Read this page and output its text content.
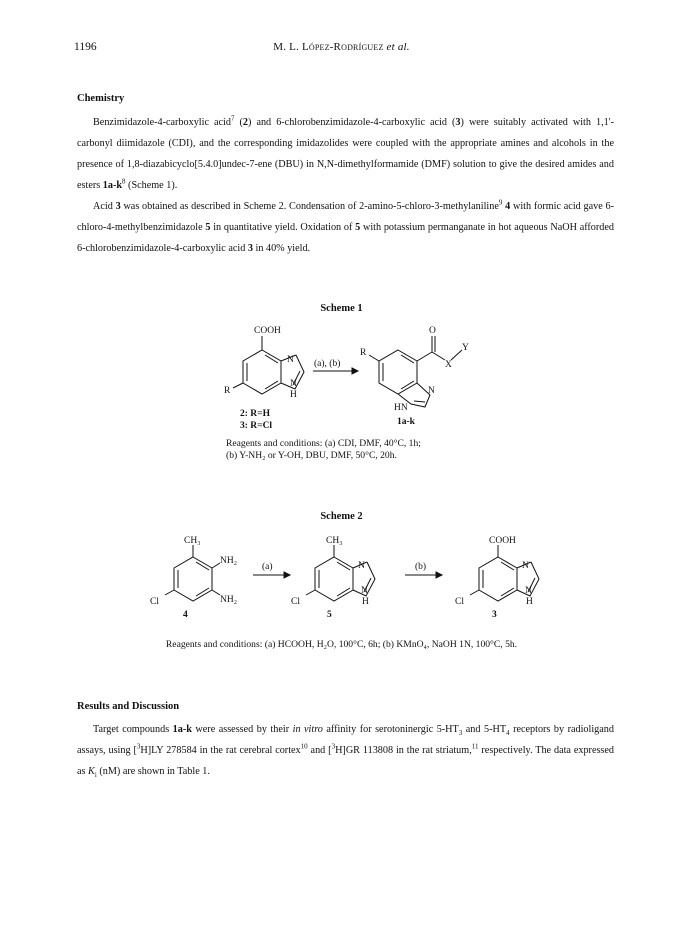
1196	M. L. López-Rodríguez et al.
Chemistry

Benzimidazole-4-carboxylic acid$^7$ (2) and 6-chlorobenzimidazole-4-carboxylic acid (3) were suitably activated with 1,1'-carbonyl diimidazole (CDI), and the corresponding imidazolides were coupled with the appropriate amines and alcohols in the presence of 1,8-diazabicyclo[5.4.0]undec-7-ene (DBU) in N,N-dimethylformamide (DMF) solution to give the desired amides and esters $1a-k^8$ (Scheme 1).

Acid 3 was obtained as described in Scheme 2. Condensation of 2-amino-5-chloro-3-methylaniline$^9$ 4 with formic acid gave 6-chloro-4-methylbenzimidazole 5 in quantitative yield. Oxidation of 5 with potassium permanganate in hot aqueous NaOH afforded 6-chlorobenzimidazole-4-carboxylic acid 3 in 40% yield.

Scheme 1
COOH
N
N
H
R
2: R=H
3: R=Cl
(a), (b)
O
X
Y
R
N
HN
1a-k
Reagents and conditions: (a) CDI, DMF, 40°C, 1h;
(b) Y-NH₂ or Y-OH, DBU, DMF, 50°C, 20h.
Scheme 2
CH₃
NH₂
NH₂
Cl
4
(a)
CH₃
N
N
H
Cl
5
(b)
COOH
N
N
H
Cl
3
Reagents and conditions: (a) HCOOH, H₂O, 100°C, 6h; (b) KMnO₄, NaOH 1N, 100°C, 5h.
Results and Discussion

Target compounds 1a-k were assessed by their in vitro affinity for serotoninergic $5-HT_3$ and $5-HT_4$ receptors by radioligand assays, using [$^3$H]LY 278584 in the rat cerebral cortex$^{10}$ and [$^3$H]GR 113808 in the rat striatum,$^{11}$ respectively. The data expressed as $K_i$ (nM) are shown in Table 1.
